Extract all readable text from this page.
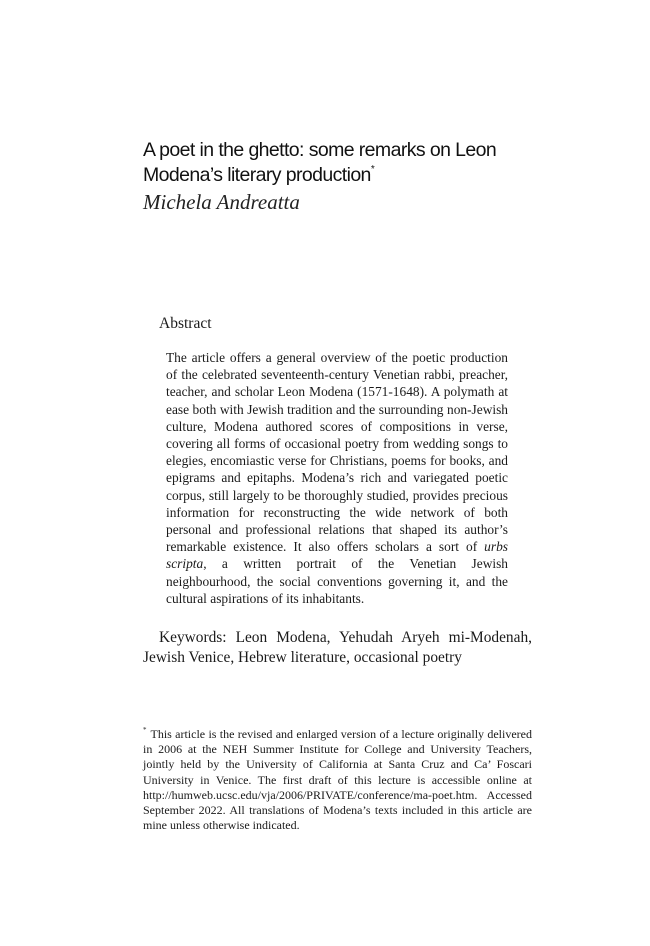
A poet in the ghetto: some remarks on Leon Modena’s literary production*

Michela Andreatta

Abstract

The article offers a general overview of the poetic production of the celebrated seventeenth-century Venetian rabbi, preacher, teacher, and scholar Leon Modena (1571-1648). A polymath at ease both with Jewish tradition and the surrounding non-Jewish culture, Modena authored scores of compositions in verse, covering all forms of occasional poetry from wedding songs to elegies, encomiastic verse for Christians, poems for books, and epigrams and epitaphs. Modena’s rich and variegated poetic corpus, still largely to be thoroughly studied, provides precious information for reconstructing the wide network of both personal and professional relations that shaped its author’s remarkable existence. It also offers scholars a sort of urbs scripta, a written portrait of the Venetian Jewish neighbourhood, the social conventions governing it, and the cultural aspirations of its inhabitants.

Keywords: Leon Modena, Yehudah Aryeh mi-Modenah, Jewish Venice, Hebrew literature, occasional poetry

* This article is the revised and enlarged version of a lecture originally delivered in 2006 at the NEH Summer Institute for College and University Teachers, jointly held by the University of California at Santa Cruz and Ca’ Foscari University in Venice. The first draft of this lecture is accessible online at http://humweb.ucsc.edu/vja/2006/PRIVATE/conference/ma-poet.htm. Accessed September 2022. All translations of Modena’s texts included in this article are mine unless otherwise indicated.
